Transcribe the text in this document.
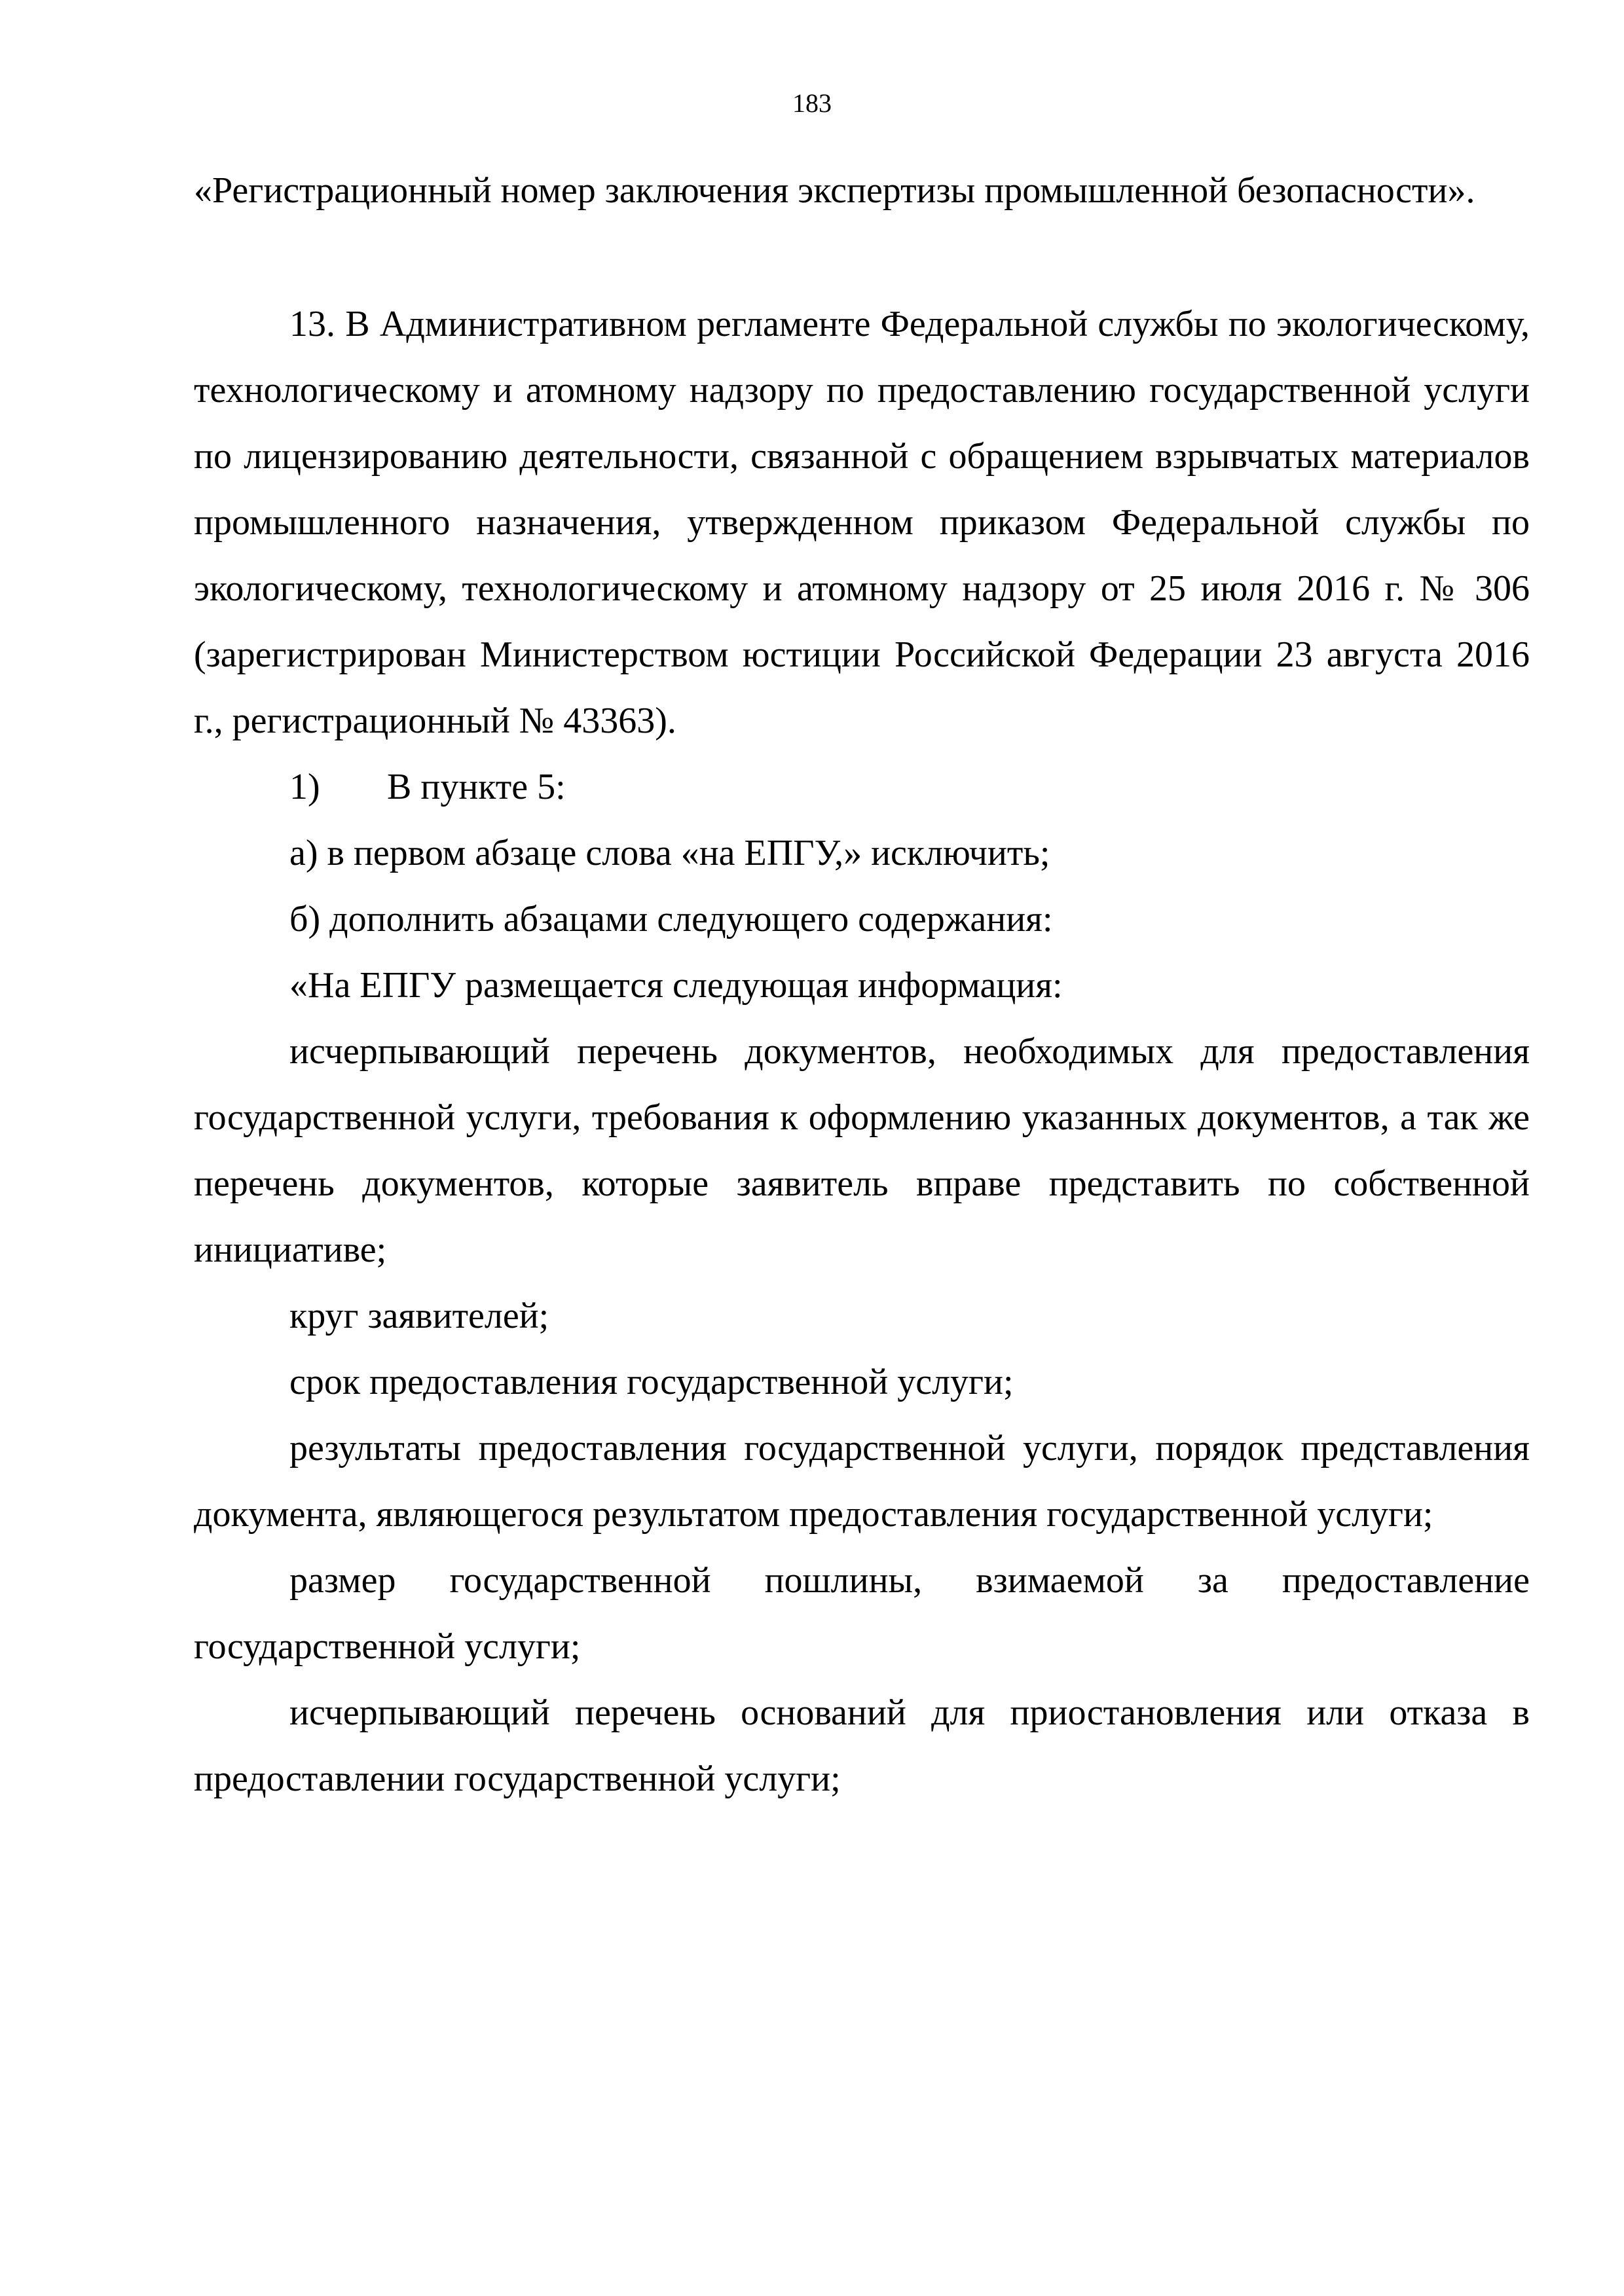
183

«Регистрационный номер заключения экспертизы промышленной безопасности».

13. В Административном регламенте Федеральной службы по экологическому, технологическому и атомному надзору по предоставлению государственной услуги по лицензированию деятельности, связанной с обращением взрывчатых материалов промышленного назначения, утвержденном приказом Федеральной службы по экологическому, технологическому и атомному надзору от 25 июля 2016 г. № 306 (зарегистрирован Министерством юстиции Российской Федерации 23 августа 2016 г., регистрационный № 43363).

1) В пункте 5:

а) в первом абзаце слова «на ЕПГУ,» исключить;

б) дополнить абзацами следующего содержания:

«На ЕПГУ размещается следующая информация:

исчерпывающий перечень документов, необходимых для предоставления государственной услуги, требования к оформлению указанных документов, а так же перечень документов, которые заявитель вправе представить по собственной инициативе;

круг заявителей;

срок предоставления государственной услуги;

результаты предоставления государственной услуги, порядок представления документа, являющегося результатом предоставления государственной услуги;

размер государственной пошлины, взимаемой за предоставление государственной услуги;

исчерпывающий перечень оснований для приостановления или отказа в предоставлении государственной услуги;
